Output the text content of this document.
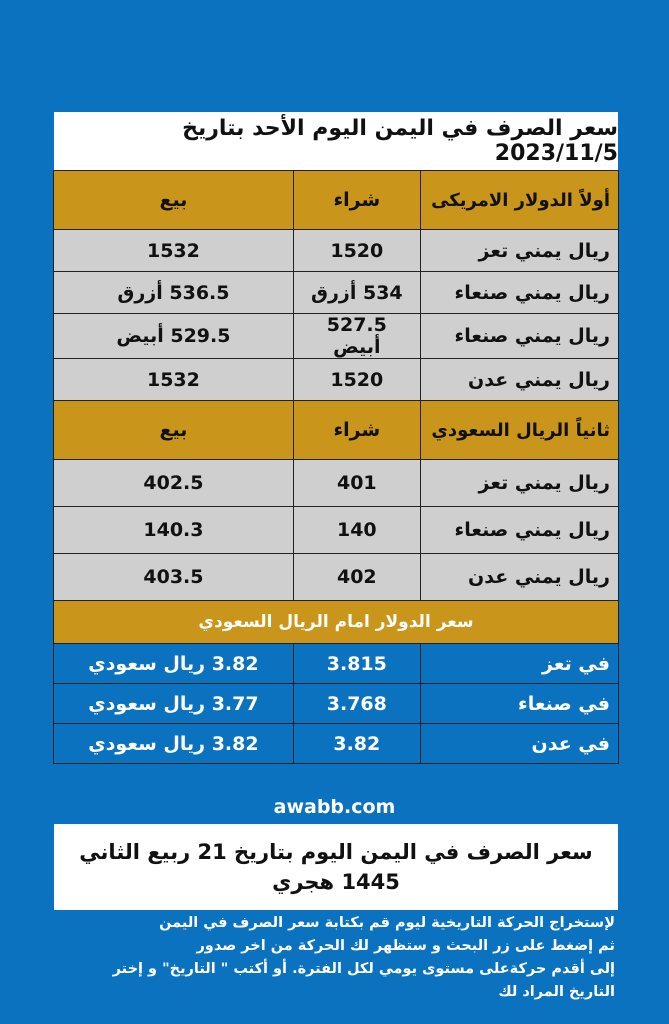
سعر الصرف في اليمن اليوم الأحد بتاريخ 2023/11/5
أولاً الدولار الامريكى	شراء	بيع
ريال يمني تعز	1520	1532
ريال يمني صنعاء	534 أزرق	536.5 أزرق
ريال يمني صنعاء	527.5 أبيض	529.5 أبيض
ريال يمني عدن	1520	1532
ثانياً الريال السعودي	شراء	بيع
ريال يمني تعز	401	402.5
ريال يمني صنعاء	140	140.3
ريال يمني عدن	402	403.5
سعر الدولار امام الريال السعودي		
في تعز	3.815	3.82 ريال سعودي
في صنعاء	3.768	3.77 ريال سعودي
في عدن	3.82	3.82 ريال سعودي
awabb.com
سعر الصرف في اليمن اليوم بتاريخ 21 ربيع الثاني 1445 هجري
لإستخراج الحركة التاريخية ليوم قم بكتابة سعر الصرف في اليمن
ثم إضغط على زر البحث و ستظهر لك الحركة من اخر صدور
إلى أقدم حركةعلى مستوى يومي لكل الفترة. أو أكتب " التاريخ" و إختر
التاريخ المراد لك
